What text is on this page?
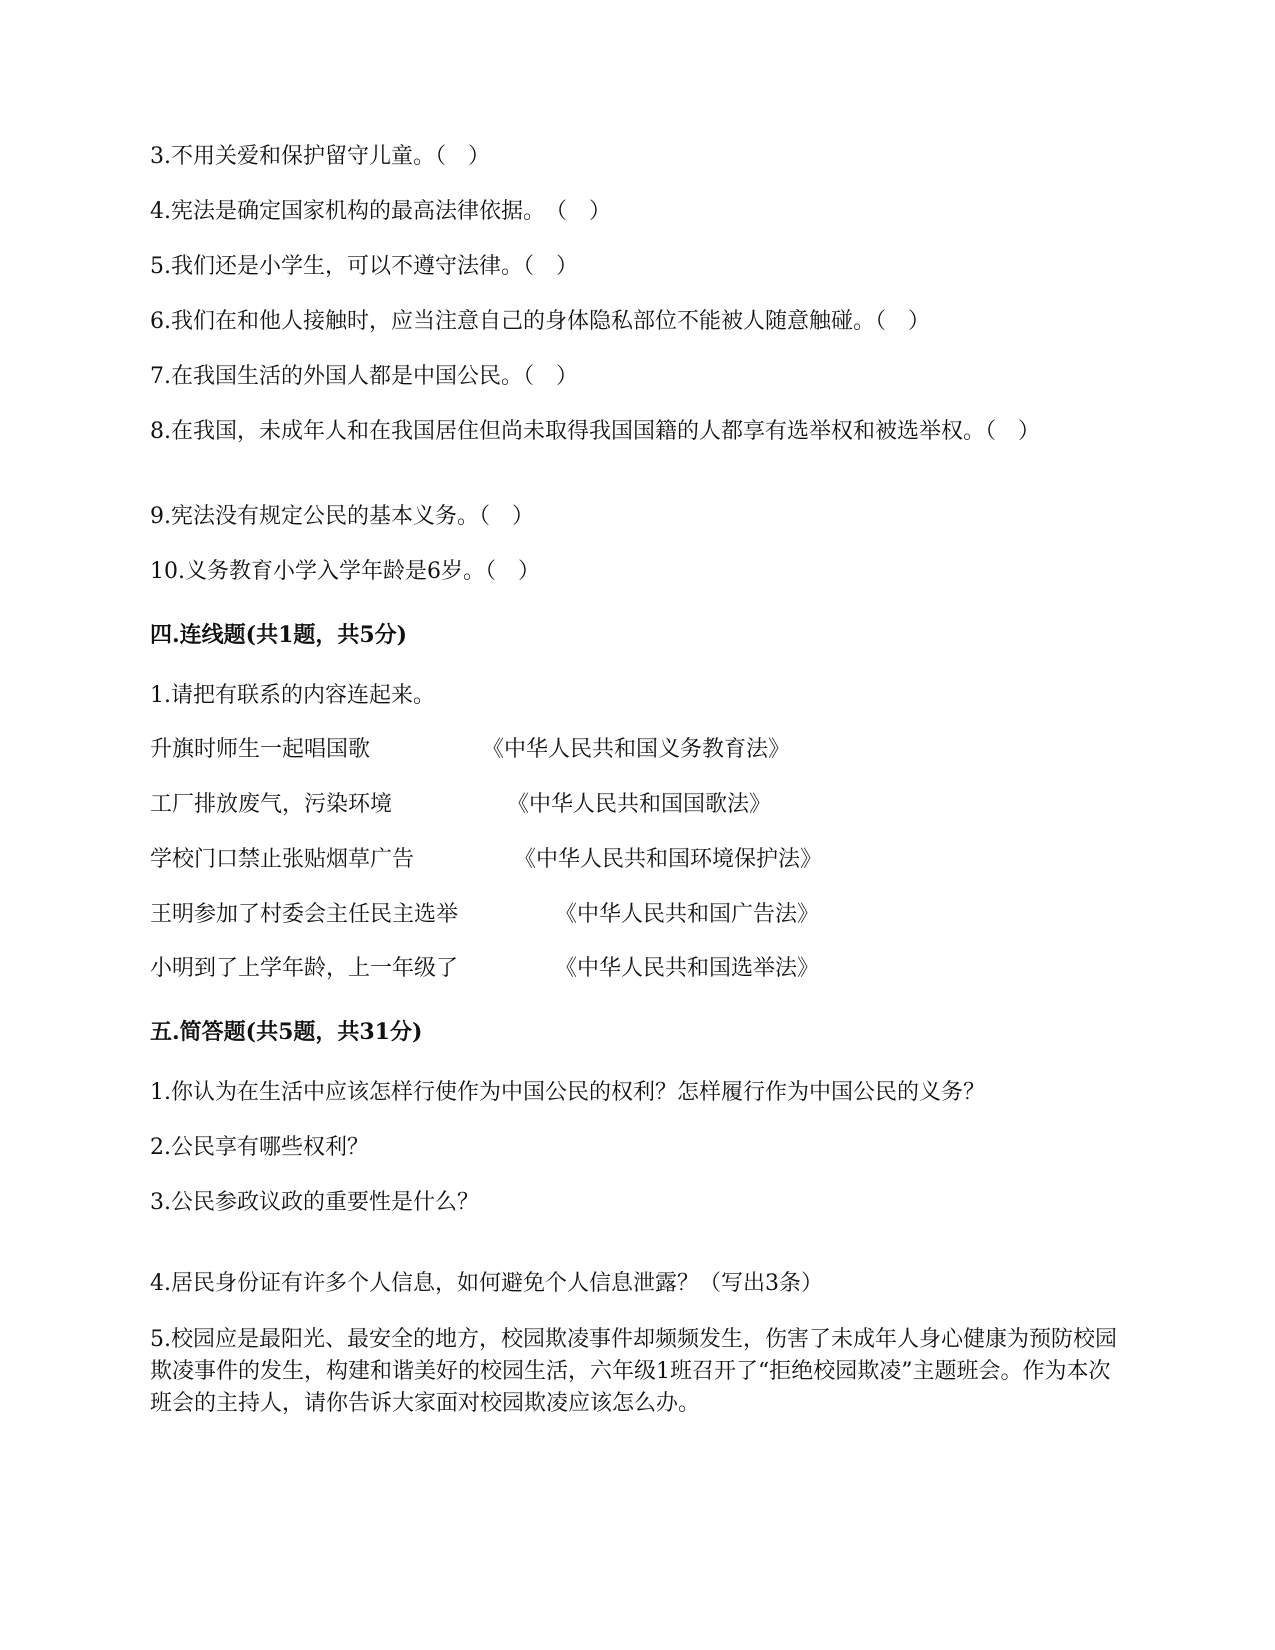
3.不用关爱和保护留守儿童。（　）
4.宪法是确定国家机构的最高法律依据。　（　）
5.我们还是小学生，可以不遵守法律。（　）
6.我们在和他人接触时，应当注意自己的身体隐私部位不能被人随意触碰。（　）
7.在我国生活的外国人都是中国公民。（　）
8.在我国，未成年人和在我国居住但尚未取得我国国籍的人都享有选举权和被选举权。（　）
9.宪法没有规定公民的基本义务。（　）
10.义务教育小学入学年龄是6岁。（　）
四.连线题(共1题，共5分)
1.请把有联系的内容连起来。
升旗时师生一起唱国歌	《中华人民共和国义务教育法》
工厂排放废气，污染环境	《中华人民共和国国歌法》
学校门口禁止张贴烟草广告	《中华人民共和国环境保护法》
王明参加了村委会主任民主选举	《中华人民共和国广告法》
小明到了上学年龄，上一年级了	《中华人民共和国选举法》
五.简答题(共5题，共31分)
1.你认为在生活中应该怎样行使作为中国公民的权利？怎样履行作为中国公民的义务？
2.公民享有哪些权利？
3.公民参政议政的重要性是什么？
4.居民身份证有许多个人信息，如何避免个人信息泄露？（写出3条）
5.校园应是最阳光、最安全的地方，校园欺凌事件却频频发生，伤害了未成年人身心健康为预防校园欺凌事件的发生，构建和谐美好的校园生活，六年级1班召开了“拒绝校园欺凌”主题班会。作为本次班会的主持人，请你告诉大家面对校园欺凌应该怎么办。
